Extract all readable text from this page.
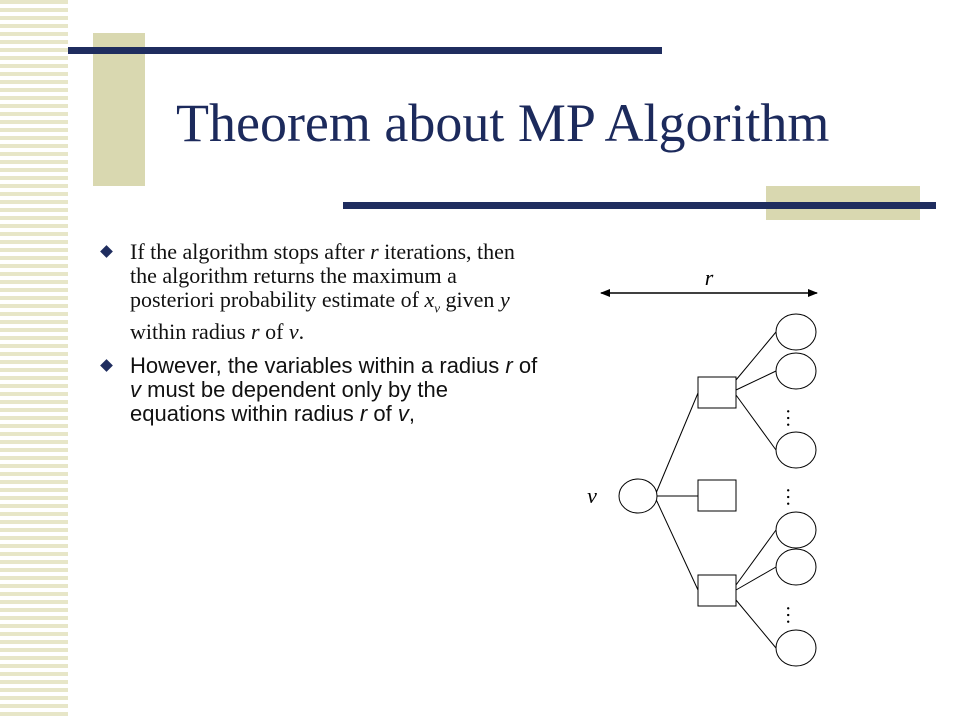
Theorem about MP Algorithm
If the algorithm stops after r iterations, then the algorithm returns the maximum a posteriori probability estimate of $x_v$ given y within radius r of v.
However, the variables within a radius r of v must be dependent only by the equations within radius r of v,
r
v
…
…
…
